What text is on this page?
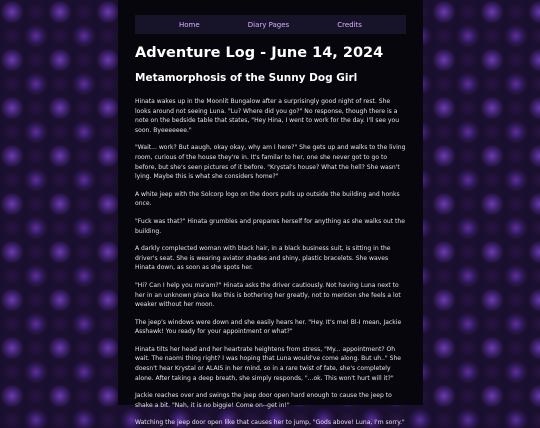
Home	Diary Pages	Credits
Adventure Log - June 14, 2024
Metamorphosis of the Sunny Dog Girl

Hinata wakes up in the Moonlit Bungalow after a surprisingly good night of rest. She looks around not seeing Luna. "Lu? Where did you go?" No response, though there is a note on the bedside table that states, "Hey Hina, I went to work for the day. I'll see you soon. Byeeeeeee."

"Wait... work? But aaugh, okay okay, why am I here?" She gets up and walks to the living room, curious of the house they're in. It's familar to her, one she never got to go to before, but she's seen pictures of it before. "Krystal's house? What the hell? She wasn't lying. Maybe this is what she considers home?"

A white jeep with the Solcorp logo on the doors pulls up outside the building and honks once.

"Fuck was that?" Hinata grumbles and prepares herself for anything as she walks out the building.

A darkly complected woman with black hair, in a black business suit, is sitting in the driver's seat. She is wearing aviator shades and shiny, plastic bracelets. She waves Hinata down, as soon as she spots her.

"Hi? Can I help you ma'am?" Hinata asks the driver cautiously. Not having Luna next to her in an unknown place like this is bothering her greatly, not to mention she feels a lot weaker without her moon.

The jeep's windows were down and she easily hears her. "Hey. It's me! Bl-I mean, Jackie Asshawk! You ready for your appointment or what?"

Hinata tilts her head and her heartrate heightens from stress, "My... appointment? Oh wait. The naomi thing right? I was hoping that Luna would've come along. But uh.." She doesn't hear Krystal or ALAIS in her mind, so in a rare twist of fate, she's completely alone. After taking a deep breath, she simply responds, "...ok. This won't hurt will it?"

Jackie reaches over and swings the jeep door open hard enough to cause the jeep to shake a bit. "Nah, it is no biggie! Come on--get in!"

Watching the jeep door open like that causes her to jump, "Gods above! Luna, I'm sorry."
